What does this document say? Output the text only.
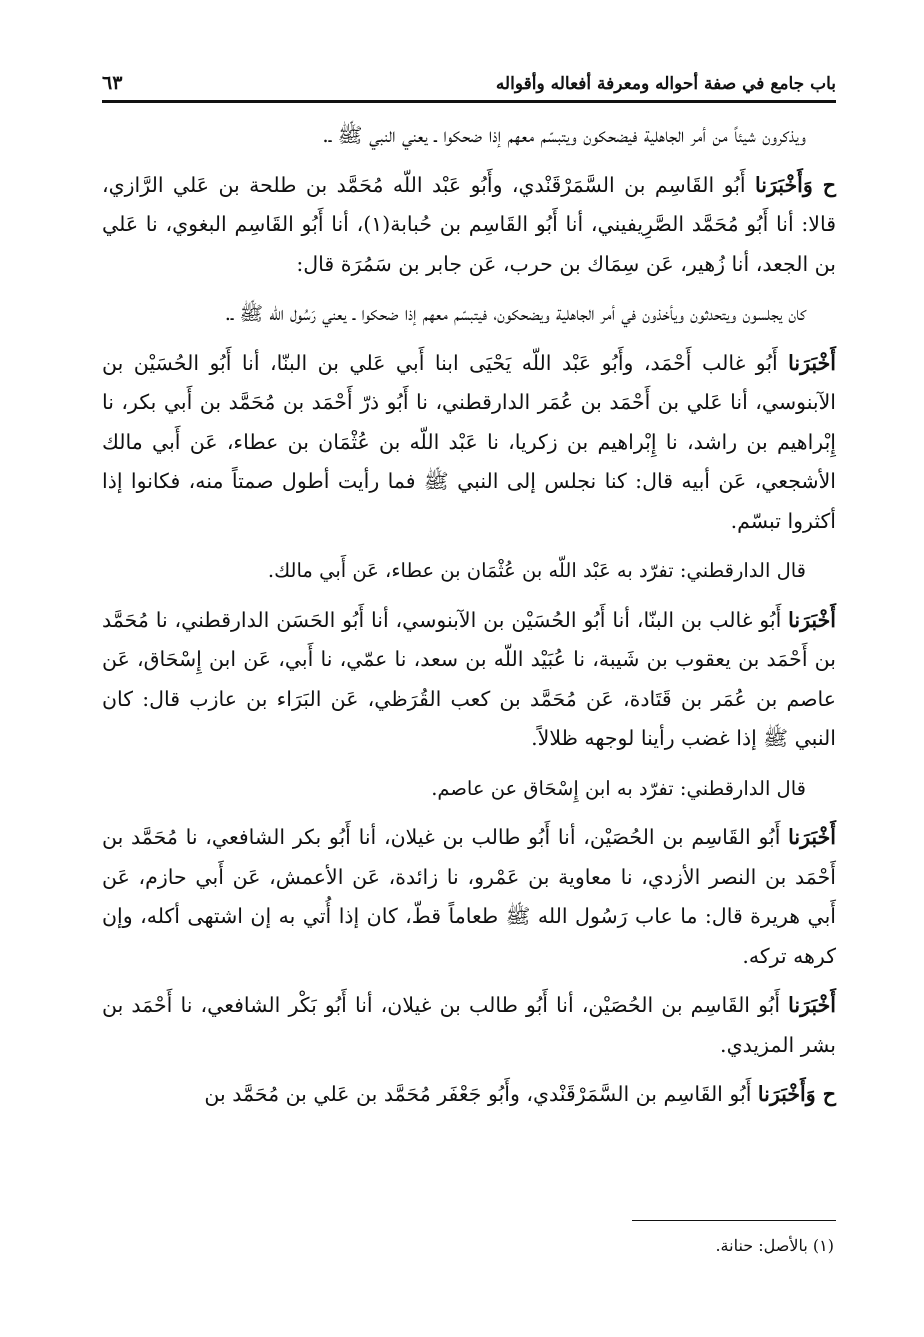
باب جامع في صفة أحواله ومعرفة أفعاله وأقواله
٦٣

ويذكرون شيئاً من أمر الجاهلية فيضحكون ويتبسّم معهم إذا ضحكوا ـ يعني النبي ﷺ ـ.

ح وَأَخْبَرَنا أَبُو القَاسِم بن السَّمَرْقَنْدي، وأَبُو عَبْد اللّه مُحَمَّد بن طلحة بن عَلي الرَّازي، قالا: أنا أَبُو مُحَمَّد الصَّرِيفيني، أنا أَبُو القَاسِم بن حُبابة(١)، أنا أَبُو القَاسِم البغوي، نا عَلي بن الجعد، أنا زُهير، عَن سِمَاك بن حرب، عَن جابر بن سَمُرَة قال:

كان يجلسون ويتحدثون ويأخذون في أمر الجاهلية ويضحكون، فيتبسّم معهم إذا ضحكوا ـ يعني رَسُول الله ﷺ ـ.

أَخْبَرَنا أَبُو غالب أَحْمَد، وأَبُو عَبْد اللّه يَحْيَى ابنا أَبي عَلي بن البنّا، أنا أَبُو الحُسَيْن بن الآبنوسي، أنا عَلي بن أَحْمَد بن عُمَر الدارقطني، نا أَبُو ذرّ أَحْمَد بن مُحَمَّد بن أَبي بكر، نا إِبْراهيم بن راشد، نا إِبْراهيم بن زكريا، نا عَبْد اللّه بن عُثْمَان بن عطاء، عَن أَبي مالك الأشجعي، عَن أبيه قال: كنا نجلس إلى النبي ﷺ فما رأيت أطول صمتاً منه، فكانوا إذا أكثروا تبسّم.

قال الدارقطني: تفرّد به عَبْد اللّه بن عُثْمَان بن عطاء، عَن أَبي مالك.

أَخْبَرَنا أَبُو غالب بن البنّا، أنا أَبُو الحُسَيْن بن الآبنوسي، أنا أَبُو الحَسَن الدارقطني، نا مُحَمَّد بن أَحْمَد بن يعقوب بن شَيبة، نا عُبَيْد اللّه بن سعد، نا عمّي، نا أَبي، عَن ابن إِسْحَاق، عَن عاصم بن عُمَر بن قَتَادة، عَن مُحَمَّد بن كعب القُرَظي، عَن البَرَاء بن عازب قال: كان النبي ﷺ إذا غضب رأينا لوجهه ظلالاً.

قال الدارقطني: تفرّد به ابن إِسْحَاق عن عاصم.

أَخْبَرَنا أَبُو القَاسِم بن الحُصَيْن، أنا أَبُو طالب بن غيلان، أنا أَبُو بكر الشافعي، نا مُحَمَّد بن أَحْمَد بن النصر الأزدي، نا معاوية بن عَمْرو، نا زائدة، عَن الأعمش، عَن أَبي حازم، عَن أَبي هريرة قال: ما عاب رَسُول الله ﷺ طعاماً قطّ، كان إذا أُتي به إن اشتهى أكله، وإن كرهه تركه.

أَخْبَرَنا أَبُو القَاسِم بن الحُصَيْن، أنا أَبُو طالب بن غيلان، أنا أَبُو بَكْر الشافعي، نا أَحْمَد بن بشر المزيدي.

ح وَأَخْبَرَنا أَبُو القَاسِم بن السَّمَرْقَنْدي، وأَبُو جَعْفَر مُحَمَّد بن عَلي بن مُحَمَّد بن

(١) بالأصل: حنانة.
